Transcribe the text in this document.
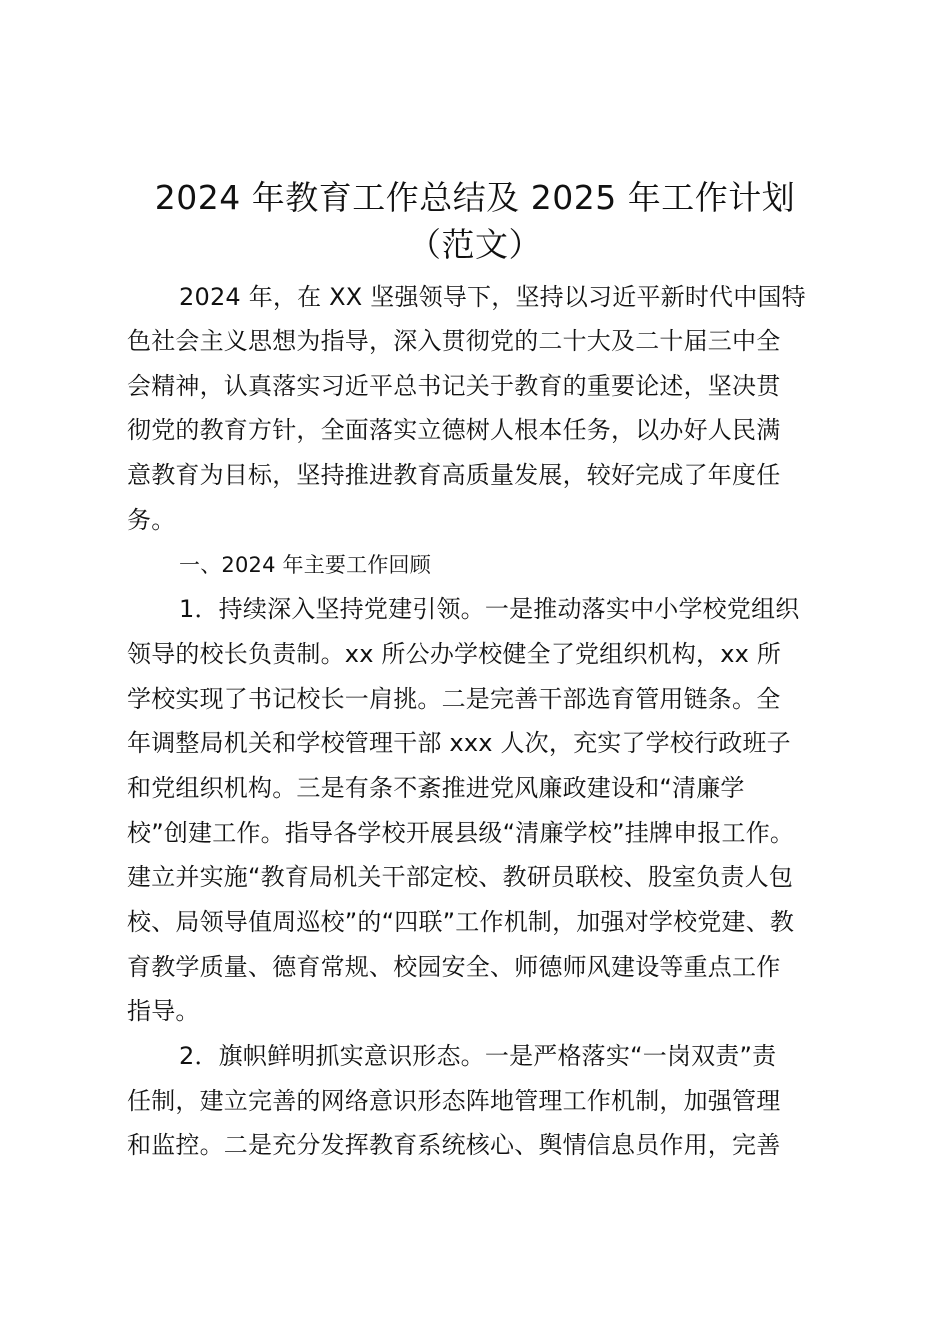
2024 年教育工作总结及 2025 年工作计划
（范文）
2024 年，在 XX 坚强领导下，坚持以习近平新时代中国特
色社会主义思想为指导，深入贯彻党的二十大及二十届三中全
会精神，认真落实习近平总书记关于教育的重要论述，坚决贯
彻党的教育方针，全面落实立德树人根本任务，以办好人民满
意教育为目标，坚持推进教育高质量发展，较好完成了年度任
务。
一、2024 年主要工作回顾
1．持续深入坚持党建引领。一是推动落实中小学校党组织
领导的校长负责制。xx 所公办学校健全了党组织机构，xx 所
学校实现了书记校长一肩挑。二是完善干部选育管用链条。全
年调整局机关和学校管理干部 xxx 人次，充实了学校行政班子
和党组织机构。三是有条不紊推进党风廉政建设和“清廉学
校”创建工作。指导各学校开展县级“清廉学校”挂牌申报工作。
建立并实施“教育局机关干部定校、教研员联校、股室负责人包
校、局领导值周巡校”的“四联”工作机制，加强对学校党建、教
育教学质量、德育常规、校园安全、师德师风建设等重点工作
指导。
2．旗帜鲜明抓实意识形态。一是严格落实“一岗双责”责
任制，建立完善的网络意识形态阵地管理工作机制，加强管理
和监控。二是充分发挥教育系统核心、舆情信息员作用，完善
